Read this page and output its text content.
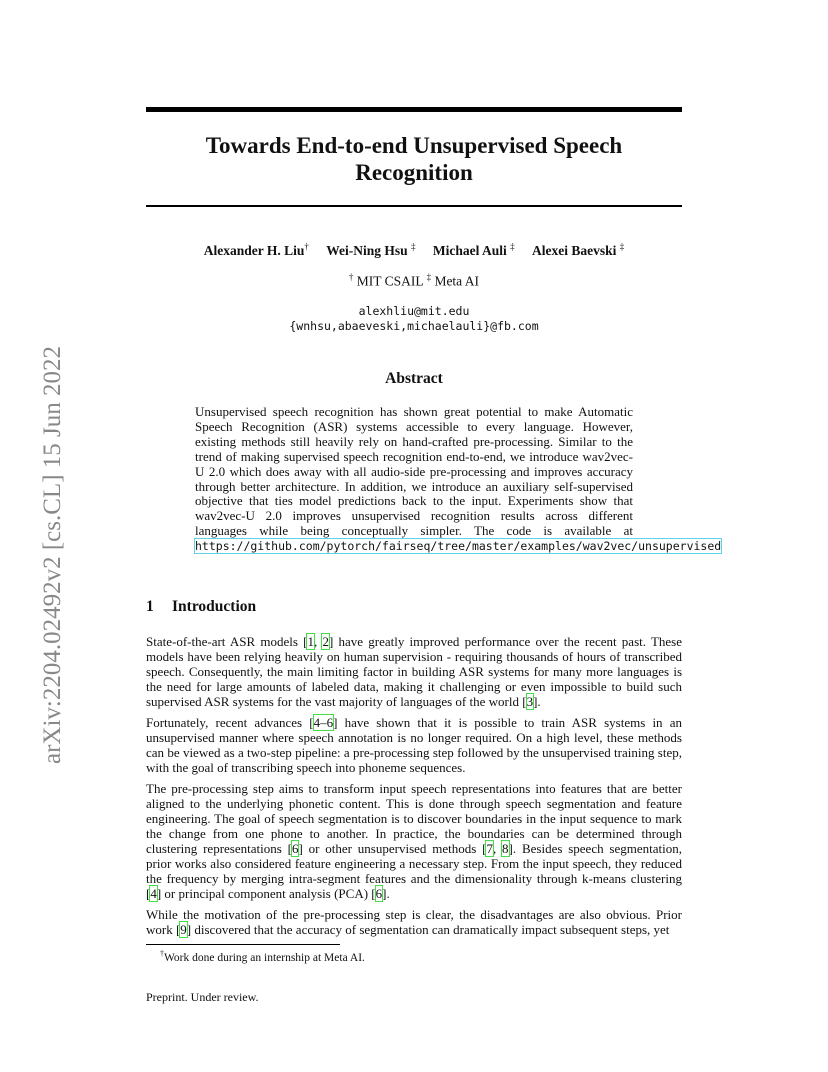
arXiv:2204.02492v2 [cs.CL] 15 Jun 2022
Towards End-to-end Unsupervised Speech Recognition
Alexander H. Liu† Wei-Ning Hsu ‡ Michael Auli ‡ Alexei Baevski ‡
† MIT CSAIL ‡ Meta AI
alexhliu@mit.edu
{wnhsu,abaeveski,michaelauli}@fb.com
Abstract
Unsupervised speech recognition has shown great potential to make Automatic Speech Recognition (ASR) systems accessible to every language. However, existing methods still heavily rely on hand-crafted pre-processing. Similar to the trend of making supervised speech recognition end-to-end, we introduce wav2vec-U 2.0 which does away with all audio-side pre-processing and improves accuracy through better architecture. In addition, we introduce an auxiliary self-supervised objective that ties model predictions back to the input. Experiments show that wav2vec-U 2.0 improves unsupervised recognition results across different languages while being conceptually simpler. The code is available at https://github.com/pytorch/fairseq/tree/master/examples/wav2vec/unsupervised
1 Introduction

State-of-the-art ASR models [1, 2] have greatly improved performance over the recent past. These models have been relying heavily on human supervision - requiring thousands of hours of transcribed speech. Consequently, the main limiting factor in building ASR systems for many more languages is the need for large amounts of labeled data, making it challenging or even impossible to build such supervised ASR systems for the vast majority of languages of the world [3].

Fortunately, recent advances [4–6] have shown that it is possible to train ASR systems in an unsupervised manner where speech annotation is no longer required. On a high level, these methods can be viewed as a two-step pipeline: a pre-processing step followed by the unsupervised training step, with the goal of transcribing speech into phoneme sequences.

The pre-processing step aims to transform input speech representations into features that are better aligned to the underlying phonetic content. This is done through speech segmentation and feature engineering. The goal of speech segmentation is to discover boundaries in the input sequence to mark the change from one phone to another. In practice, the boundaries can be determined through clustering representations [6] or other unsupervised methods [7, 8]. Besides speech segmentation, prior works also considered feature engineering a necessary step. From the input speech, they reduced the frequency by merging intra-segment features and the dimensionality through k-means clustering [4] or principal component analysis (PCA) [6].

While the motivation of the pre-processing step is clear, the disadvantages are also obvious. Prior work [9] discovered that the accuracy of segmentation can dramatically impact subsequent steps, yet

†Work done during an internship at Meta AI.
Preprint. Under review.
